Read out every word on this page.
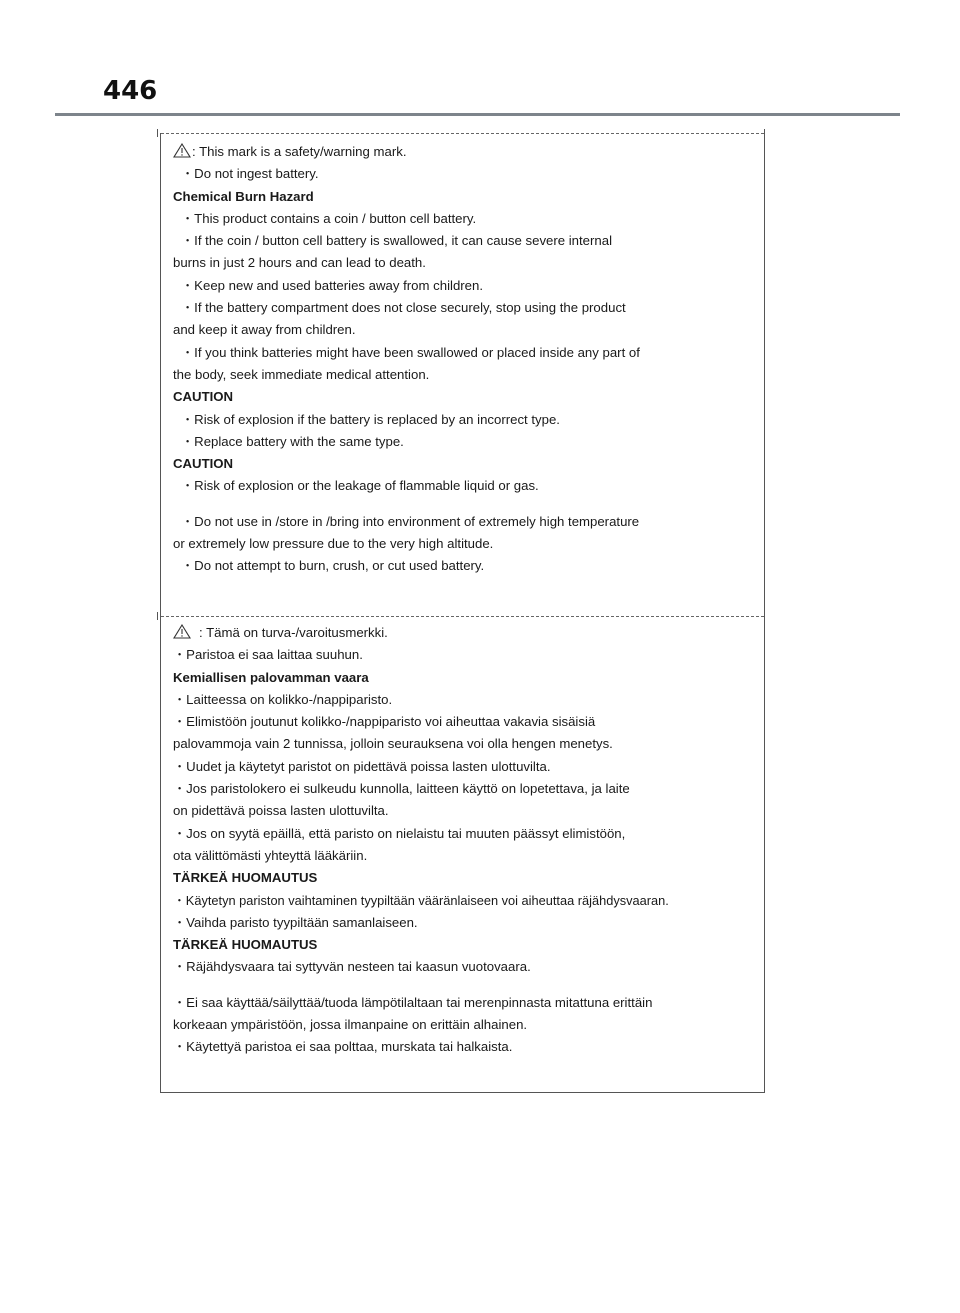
446

: This mark is a safety/warning mark.

・Do not ingest battery.

Chemical Burn Hazard

・This product contains a coin / button cell battery.

・If the coin / button cell battery is swallowed, it can cause severe internal

burns in just 2 hours and can lead to death.

・Keep new and used batteries away from children.

・If the battery compartment does not close securely, stop using the product

and keep it away from children.

・If you think batteries might have been swallowed or placed inside any part of

the body, seek immediate medical attention.

CAUTION

・Risk of explosion if the battery is replaced by an incorrect type.

・Replace battery with the same type.

CAUTION

・Risk of explosion or the leakage of flammable liquid or gas.

・Do not use in /store in /bring into environment of extremely high temperature

or extremely low pressure due to the very high altitude.

・Do not attempt to burn, crush, or cut used battery.

: Tämä on turva-/varoitusmerkki.

・Paristoa ei saa laittaa suuhun.

Kemiallisen palovamman vaara

・Laitteessa on kolikko-/nappiparisto.

・Elimistöön joutunut kolikko-/nappiparisto voi aiheuttaa vakavia sisäisiä

palovammoja vain 2 tunnissa, jolloin seurauksena voi olla hengen menetys.

・Uudet ja käytetyt paristot on pidettävä poissa lasten ulottuvilta.

・Jos paristolokero ei sulkeudu kunnolla, laitteen käyttö on lopetettava, ja laite

on pidettävä poissa lasten ulottuvilta.

・Jos on syytä epäillä, että paristo on nielaistu tai muuten päässyt elimistöön,

ota välittömästi yhteyttä lääkäriin.

TÄRKEÄ HUOMAUTUS

・Käytetyn pariston vaihtaminen tyypiltään vääränlaiseen voi aiheuttaa räjähdysvaaran.

・Vaihda paristo tyypiltään samanlaiseen.

TÄRKEÄ HUOMAUTUS

・Räjähdysvaara tai syttyvän nesteen tai kaasun vuotovaara.

・Ei saa käyttää/säilyttää/tuoda lämpötilaltaan tai merenpinnasta mitattuna erittäin

korkeaan ympäristöön, jossa ilmanpaine on erittäin alhainen.

・Käytettyä paristoa ei saa polttaa, murskata tai halkaista.
